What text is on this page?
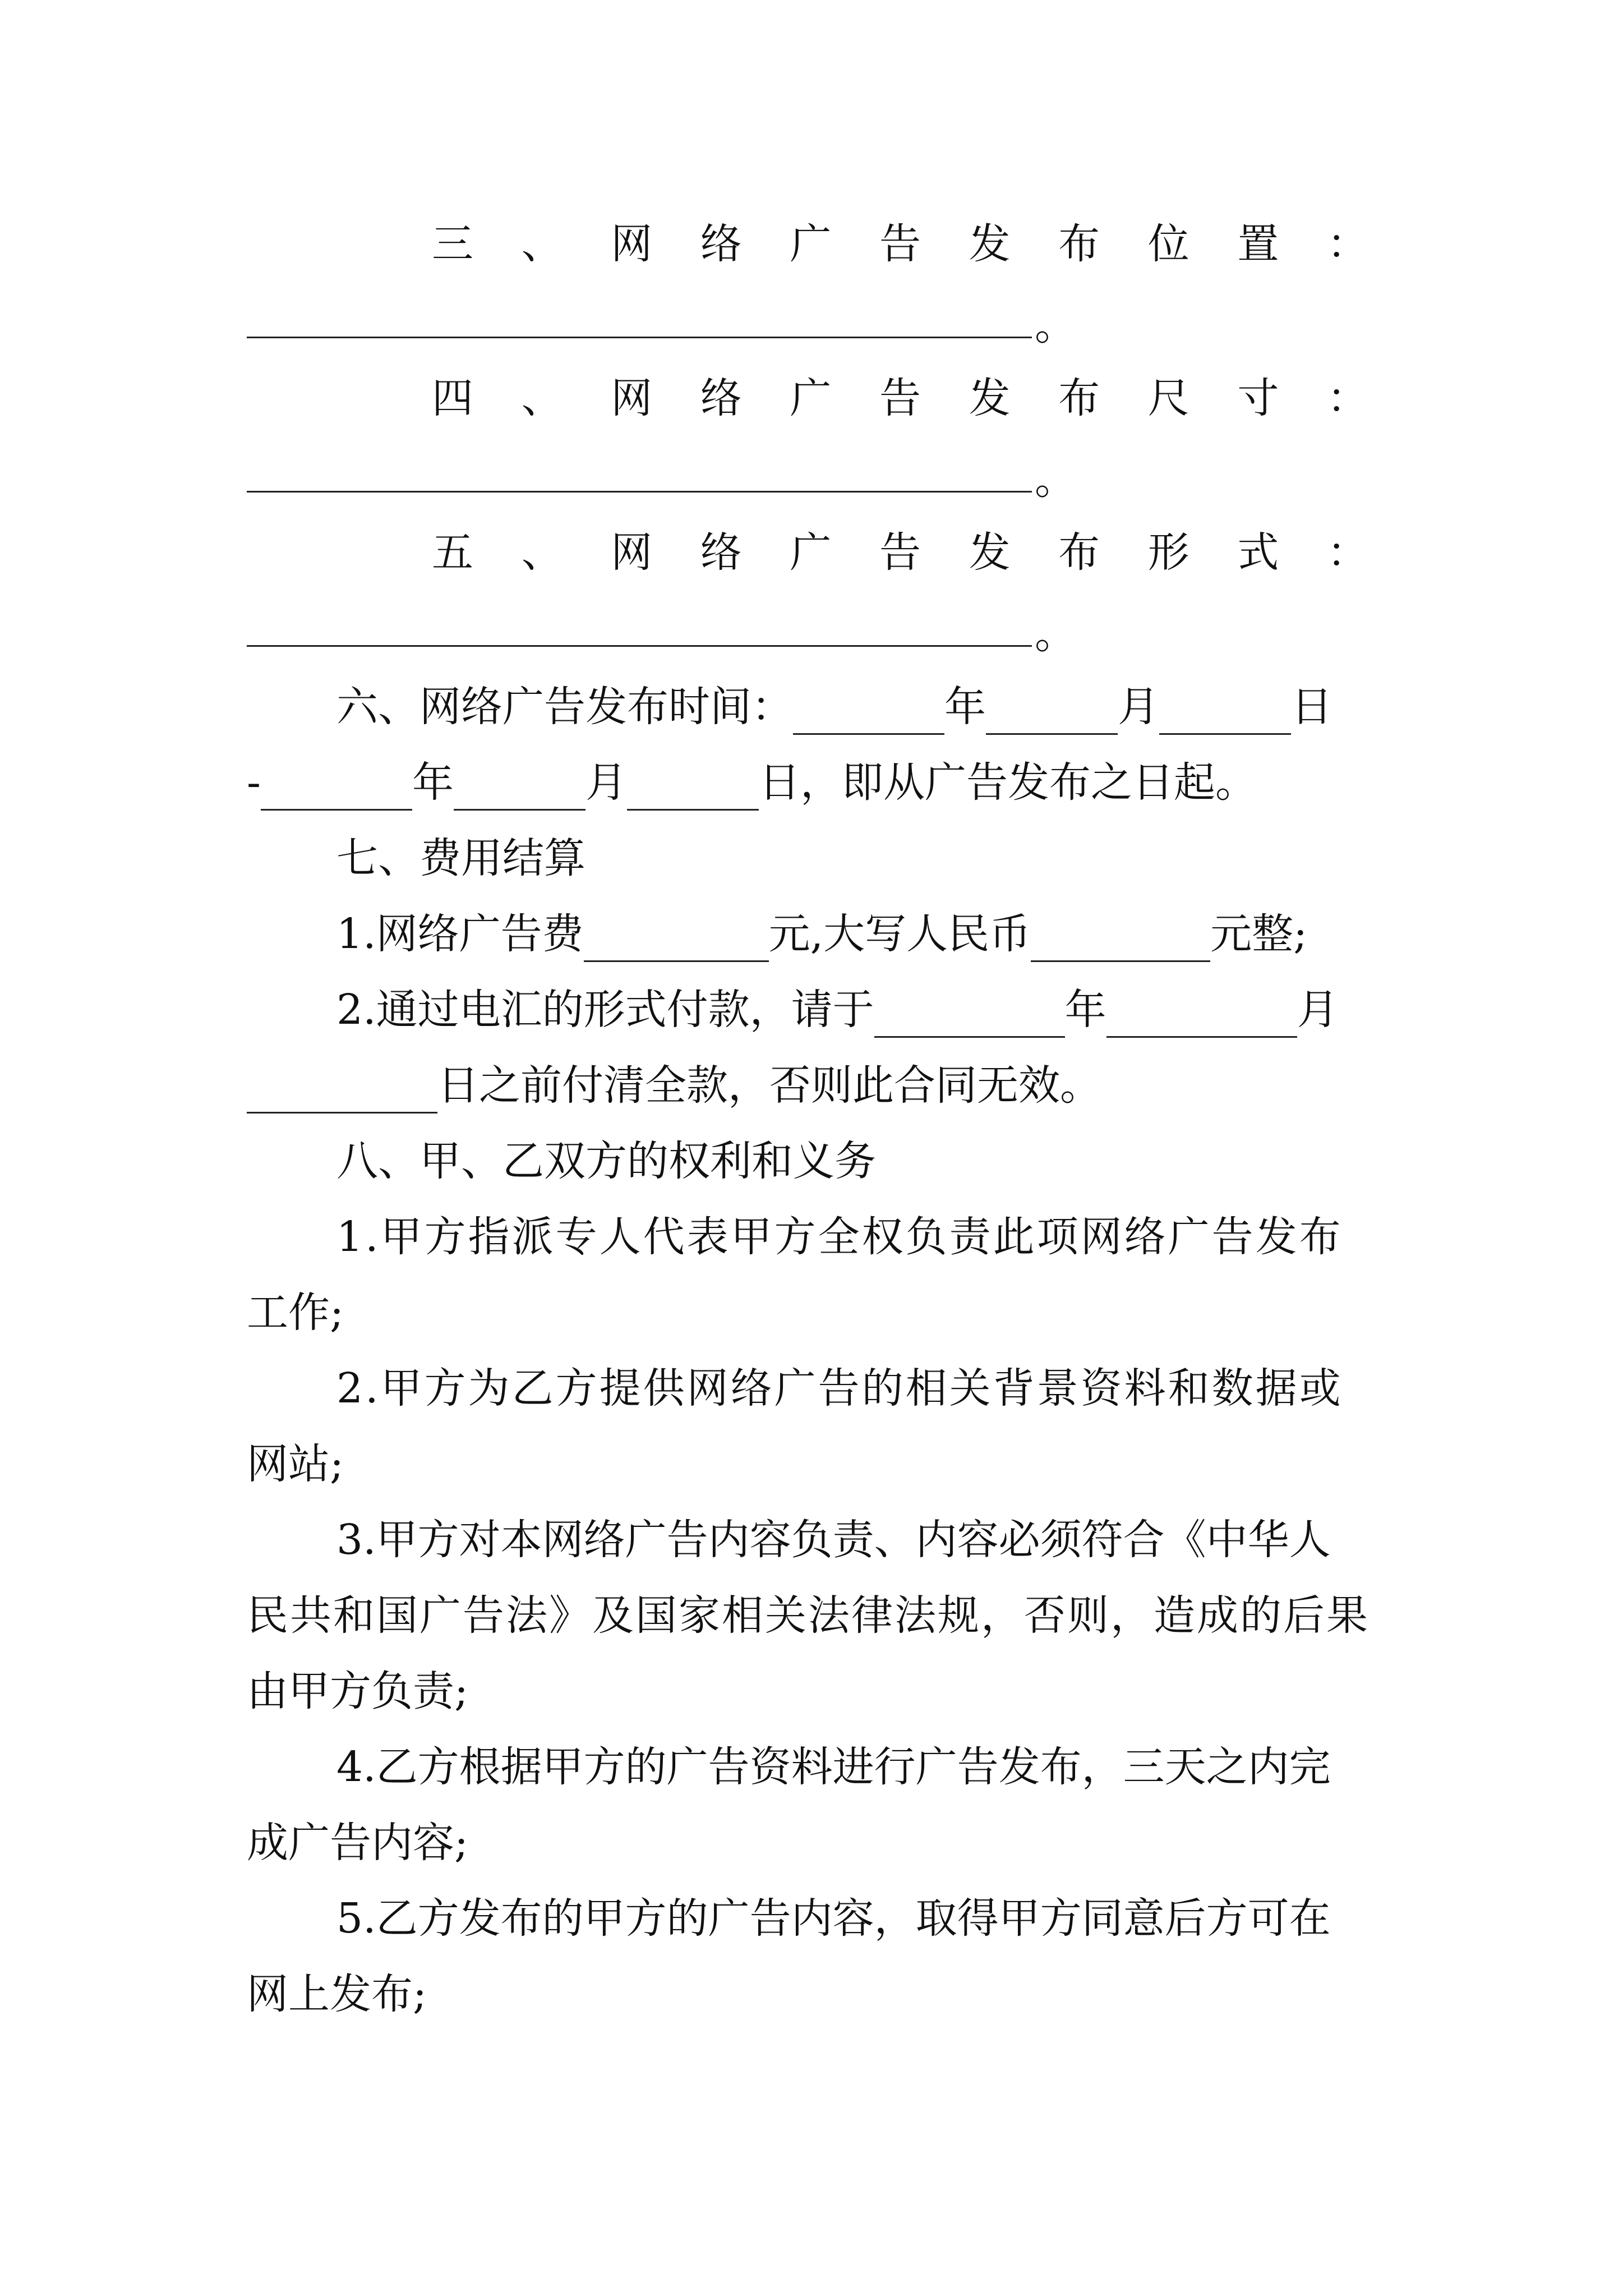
三 、 网 络 广 告 发 布 位 置 ：
。
四 、 网 络 广 告 发 布 尺 寸 ：
。
五 、 网 络 广 告 发 布 形 式 ：
。
六、网络广告发布时间：	年	月	日
-	年	月	日，即从广告发布之日起。
七、费用结算
1.网络广告费	元,大写人民币	元整;
2.通过电汇的形式付款，请于	年	月
日之前付清全款，否则此合同无效。
八、甲、乙双方的权利和义务
1.甲方指派专人代表甲方全权负责此项网络广告发布
工作;
2.甲方为乙方提供网络广告的相关背景资料和数据或
网站;
3.甲方对本网络广告内容负责、内容必须符合《中华人
民共和国广告法》及国家相关法律法规，否则，造成的后果
由甲方负责;
4.乙方根据甲方的广告资料进行广告发布，三天之内完
成广告内容;
5.乙方发布的甲方的广告内容，取得甲方同意后方可在
网上发布;
